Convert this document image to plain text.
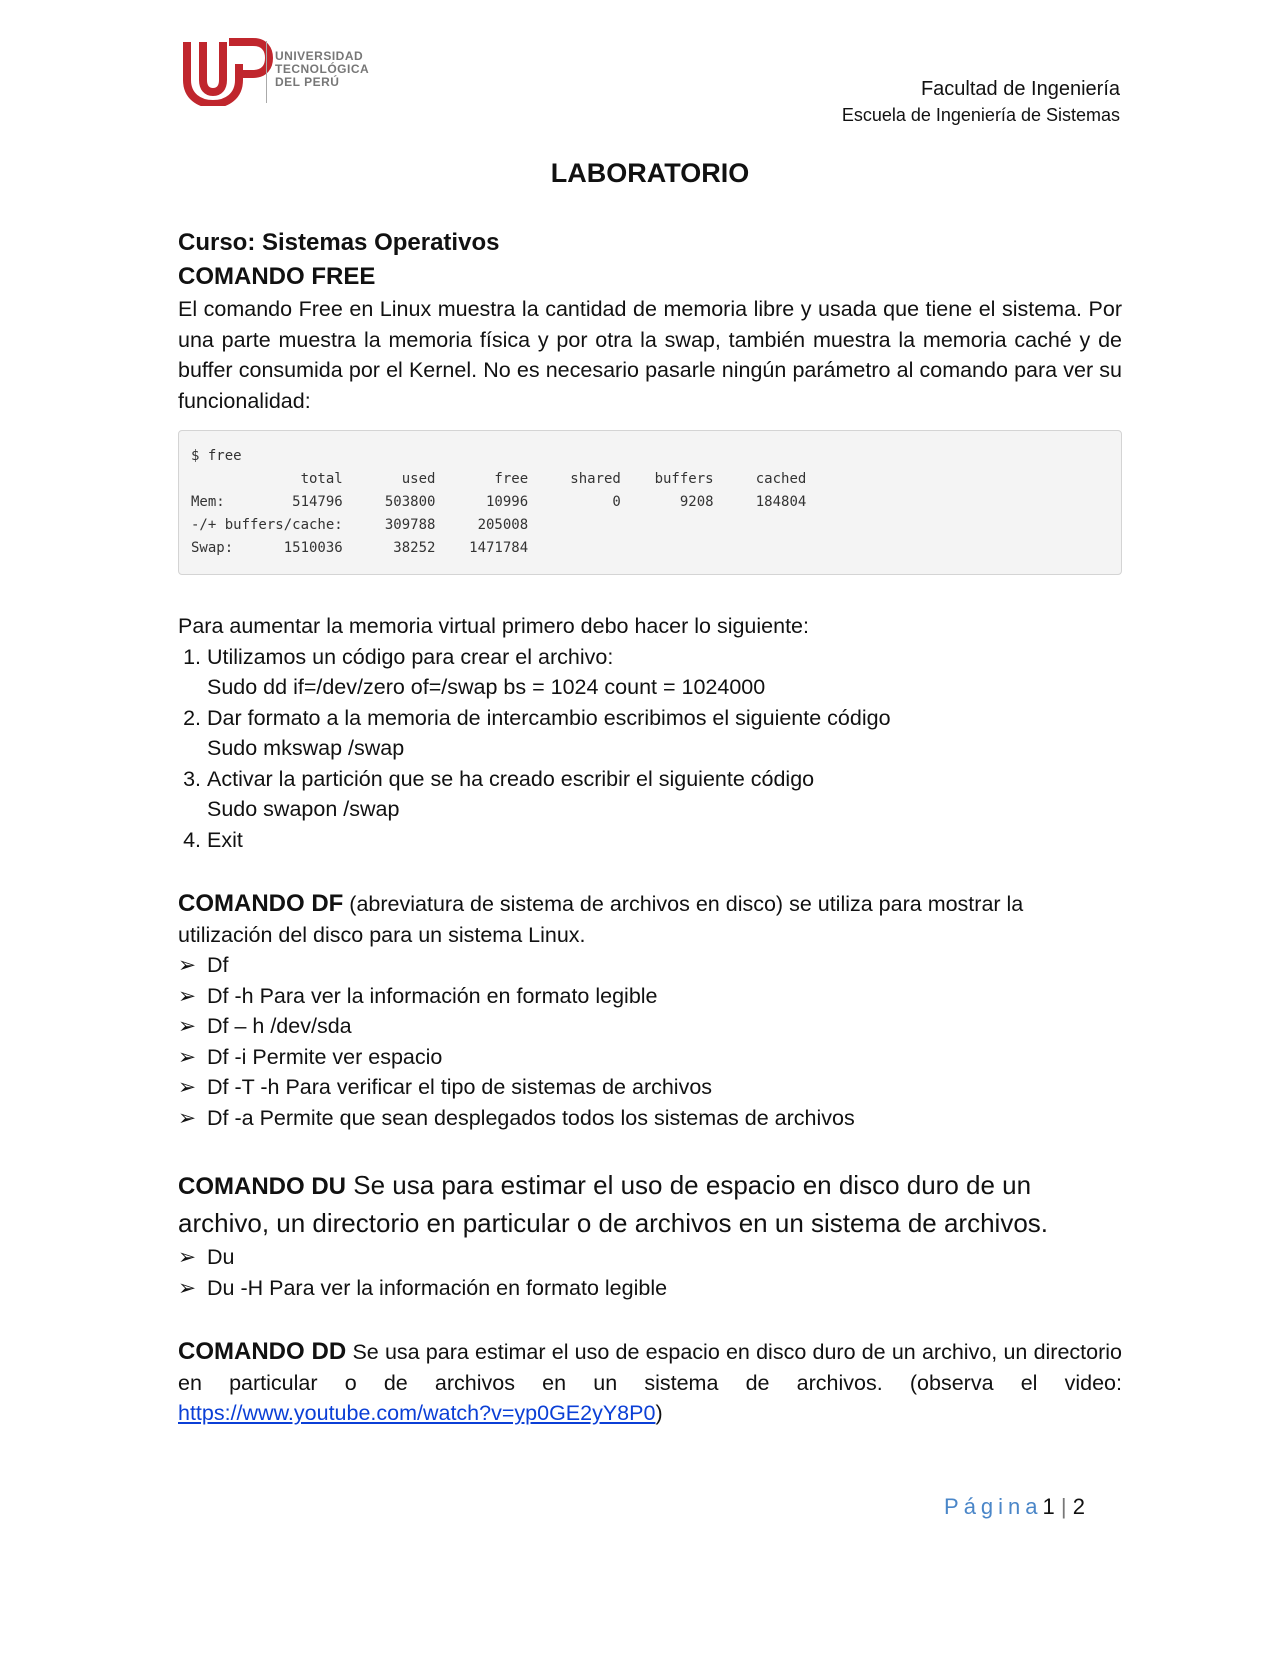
UNIVERSIDAD
TECNOLÓGICA
DEL PERÚ	Facultad de Ingeniería
Escuela de Ingeniería de Sistemas
LABORATORIO
Curso: Sistemas Operativos
COMANDO FREE
El comando Free en Linux muestra la cantidad de memoria libre y usada que tiene el sistema. Por una parte muestra la memoria física y por otra la swap, también muestra la memoria caché y de buffer consumida por el Kernel. No es necesario pasarle ningún parámetro al comando para ver su funcionalidad:
$ free
total       used       free     shared    buffers     cached
Mem:        514796     503800      10996          0       9208     184804
-/+ buffers/cache:     309788     205008
Swap:      1510036      38252    1471784
Para aumentar la memoria virtual primero debo hacer lo siguiente:
1. Utilizamos un código para crear el archivo:
Sudo dd if=/dev/zero of=/swap bs = 1024 count = 1024000
2. Dar formato a la memoria de intercambio escribimos el siguiente código
Sudo mkswap /swap
3. Activar la partición que se ha creado escribir el siguiente código
Sudo swapon /swap
4. Exit
COMANDO DF (abreviatura de sistema de archivos en disco) se utiliza para mostrar la utilización del disco para un sistema Linux.
➢ Df
➢ Df -h Para ver la información en formato legible
➢ Df – h /dev/sda
➢ Df -i Permite ver espacio
➢ Df -T -h Para verificar el tipo de sistemas de archivos
➢ Df -a Permite que sean desplegados todos los sistemas de archivos
COMANDO DU Se usa para estimar el uso de espacio en disco duro de un archivo, un directorio en particular o de archivos en un sistema de archivos.
➢ Du
➢ Du -H Para ver la información en formato legible
COMANDO DD Se usa para estimar el uso de espacio en disco duro de un archivo, un directorio en particular o de archivos en un sistema de archivos. (observa el video: https://www.youtube.com/watch?v=yp0GE2yY8P0)
Página1 | 2
